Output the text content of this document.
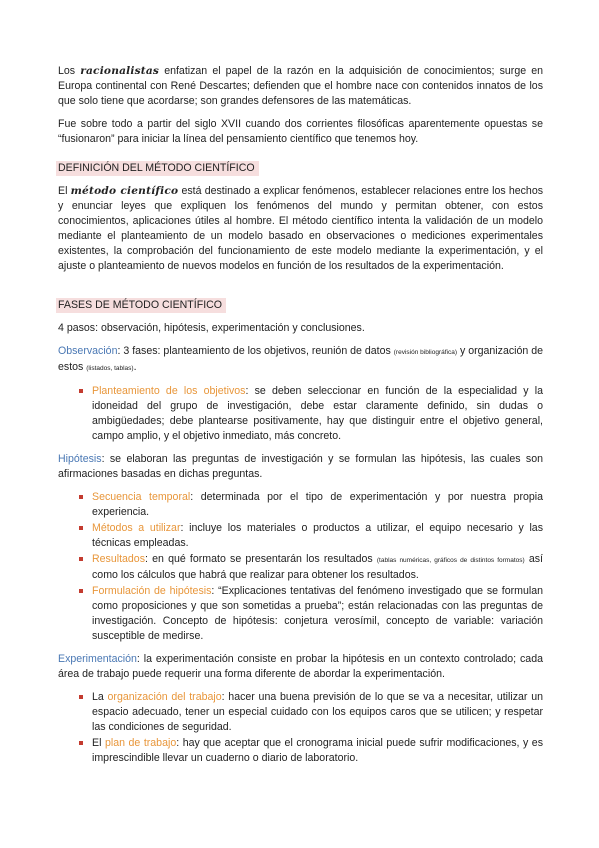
Los racionalistas enfatizan el papel de la razón en la adquisición de conocimientos; surge en Europa continental con René Descartes; defienden que el hombre nace con contenidos innatos de los que solo tiene que acordarse; son grandes defensores de las matemáticas.

Fue sobre todo a partir del siglo XVII cuando dos corrientes filosóficas aparentemente opuestas se “fusionaron” para iniciar la línea del pensamiento científico que tenemos hoy.

DEFINICIÓN DEL MÉTODO CIENTÍFICO

El método científico está destinado a explicar fenómenos, establecer relaciones entre los hechos y enunciar leyes que expliquen los fenómenos del mundo y permitan obtener, con estos conocimientos, aplicaciones útiles al hombre. El método científico intenta la validación de un modelo mediante el planteamiento de un modelo basado en observaciones o mediciones experimentales existentes, la comprobación del funcionamiento de este modelo mediante la experimentación, y el ajuste o planteamiento de nuevos modelos en función de los resultados de la experimentación.

FASES DE MÉTODO CIENTÍFICO

4 pasos: observación, hipótesis, experimentación y conclusiones.

Observación: 3 fases: planteamiento de los objetivos, reunión de datos (revisión bibliográfica) y organización de estos (listados, tablas).

Planteamiento de los objetivos: se deben seleccionar en función de la especialidad y la idoneidad del grupo de investigación, debe estar claramente definido, sin dudas o ambigüedades; debe plantearse positivamente, hay que distinguir entre el objetivo general, campo amplio, y el objetivo inmediato, más concreto.

Hipótesis: se elaboran las preguntas de investigación y se formulan las hipótesis, las cuales son afirmaciones basadas en dichas preguntas.

Secuencia temporal: determinada por el tipo de experimentación y por nuestra propia experiencia.
Métodos a utilizar: incluye los materiales o productos a utilizar, el equipo necesario y las técnicas empleadas.
Resultados: en qué formato se presentarán los resultados (tablas numéricas, gráficos de distintos formatos) así como los cálculos que habrá que realizar para obtener los resultados.
Formulación de hipótesis: “Explicaciones tentativas del fenómeno investigado que se formulan como proposiciones y que son sometidas a prueba”; están relacionadas con las preguntas de investigación. Concepto de hipótesis: conjetura verosímil, concepto de variable: variación susceptible de medirse.

Experimentación: la experimentación consiste en probar la hipótesis en un contexto controlado; cada área de trabajo puede requerir una forma diferente de abordar la experimentación.

La organización del trabajo: hacer una buena previsión de lo que se va a necesitar, utilizar un espacio adecuado, tener un especial cuidado con los equipos caros que se utilicen; y respetar las condiciones de seguridad.
El plan de trabajo: hay que aceptar que el cronograma inicial puede sufrir modificaciones, y es imprescindible llevar un cuaderno o diario de laboratorio.
